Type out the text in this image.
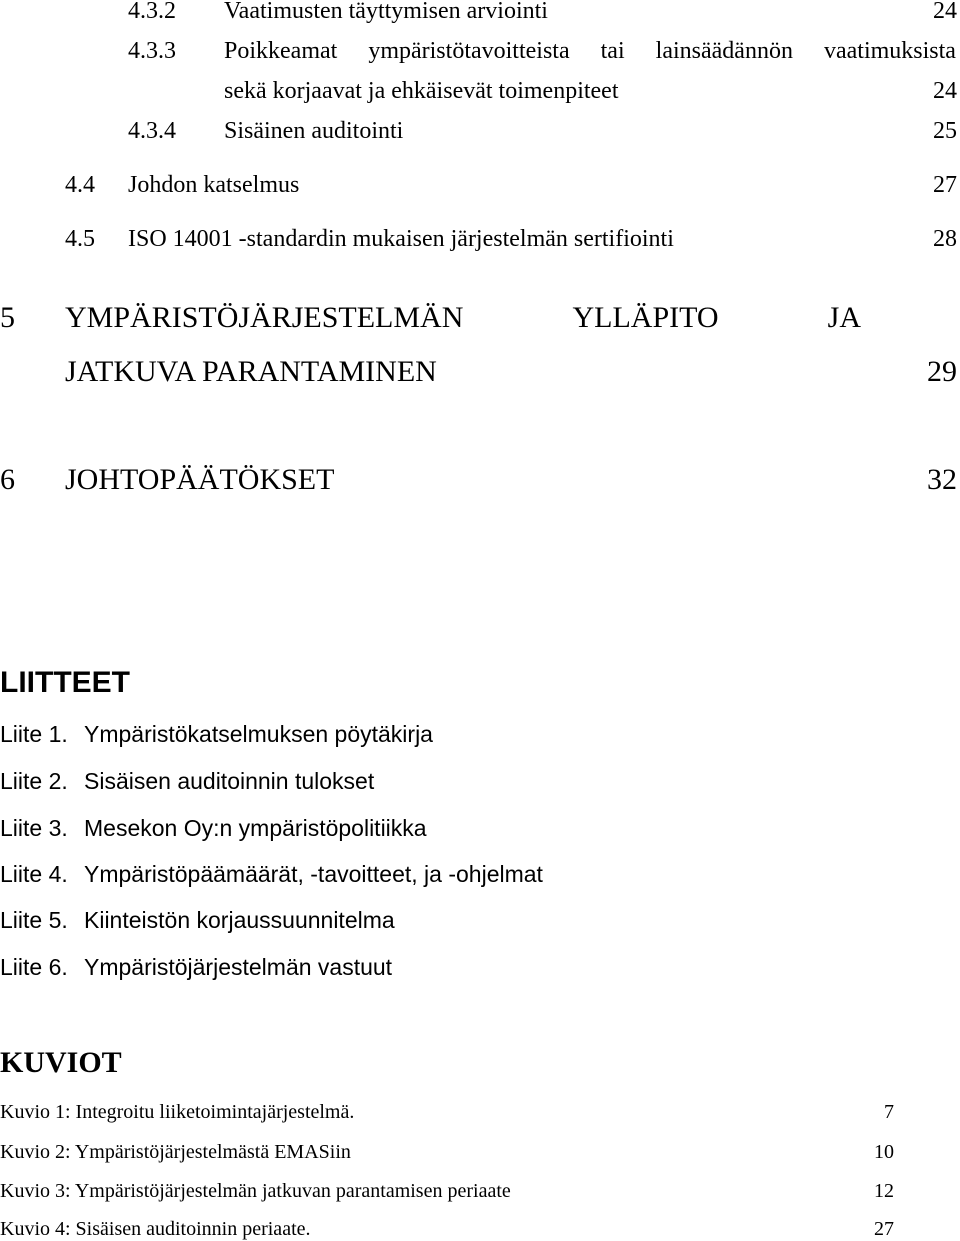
4.3.2 Vaatimusten täyttymisen arviointi	24
4.3.3 Poikkeamat ympäristötavoitteista tai lainsäädännön vaatimuksista
sekä korjaavat ja ehkäisevät toimenpiteet	24
4.3.4 Sisäinen auditointi	25
4.4 Johdon katselmus	27
4.5 ISO 14001 -standardin mukaisen järjestelmän sertifiointi	28
5 YMPÄRISTÖJÄRJESTELMÄN	YLLÄPITO	JA
JATKUVA PARANTAMINEN	29
6 JOHTOPÄÄTÖKSET	32
LIITTEET
Liite 1. Ympäristökatselmuksen pöytäkirja
Liite 2. Sisäisen auditoinnin tulokset
Liite 3. Mesekon Oy:n ympäristöpolitiikka
Liite 4. Ympäristöpäämäärät, -tavoitteet, ja -ohjelmat
Liite 5. Kiinteistön korjaussuunnitelma
Liite 6. Ympäristöjärjestelmän vastuut
KUVIOT
Kuvio 1: Integroitu liiketoimintajärjestelmä.	7
Kuvio 2: Ympäristöjärjestelmästä EMASiin	10
Kuvio 3: Ympäristöjärjestelmän jatkuvan parantamisen periaate	12
Kuvio 4: Sisäisen auditoinnin periaate.	27
